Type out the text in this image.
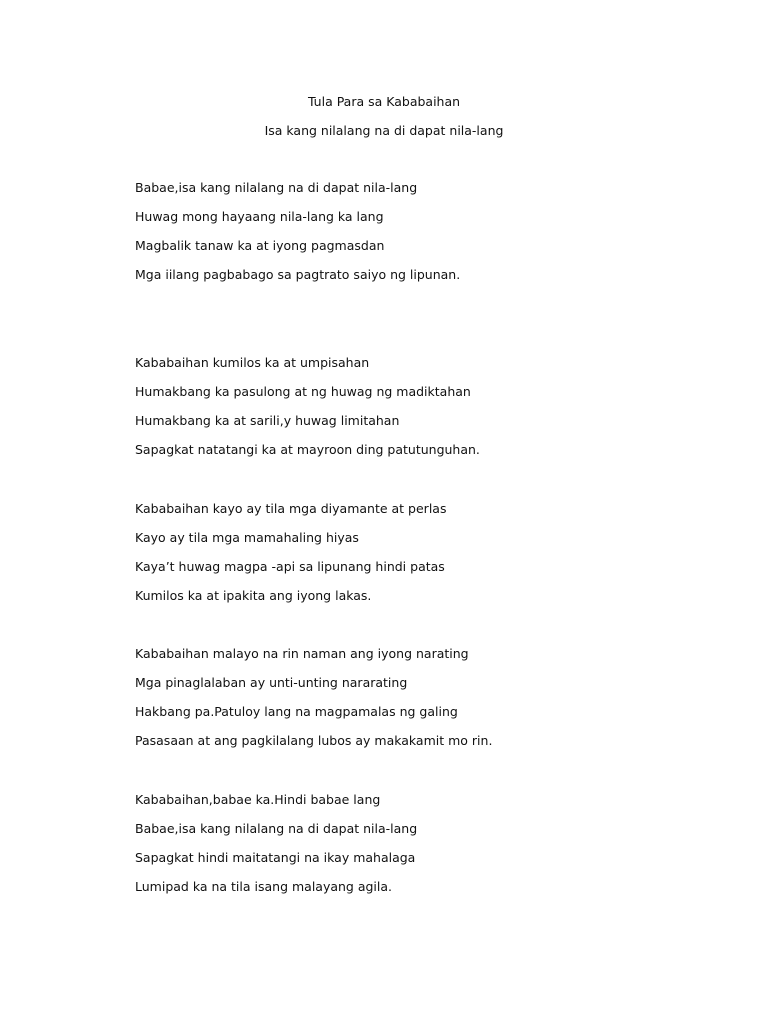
Tula Para sa Kababaihan
Isa kang nilalang na di dapat nila-lang
Babae,isa kang nilalang na di dapat nila-lang
Huwag mong hayaang nila-lang ka lang
Magbalik tanaw ka at iyong pagmasdan
Mga iilang pagbabago sa pagtrato saiyo ng lipunan.
Kababaihan kumilos ka at umpisahan
Humakbang ka pasulong at ng huwag ng madiktahan
Humakbang ka at sarili,y huwag limitahan
Sapagkat natatangi ka at mayroon ding patutunguhan.
Kababaihan kayo ay tila mga diyamante at perlas
Kayo ay tila mga mamahaling hiyas
Kaya’t huwag magpa -api sa lipunang hindi patas
Kumilos ka at ipakita ang iyong lakas.
Kababaihan malayo na rin naman ang iyong narating
Mga pinaglalaban ay unti-unting nararating
Hakbang pa.Patuloy lang na magpamalas ng galing
Pasasaan at ang pagkilalang lubos ay makakamit mo rin.
Kababaihan,babae ka.Hindi babae lang
Babae,isa kang nilalang na di dapat nila-lang
Sapagkat hindi maitatangi na ikay mahalaga
Lumipad ka na tila isang malayang agila.
